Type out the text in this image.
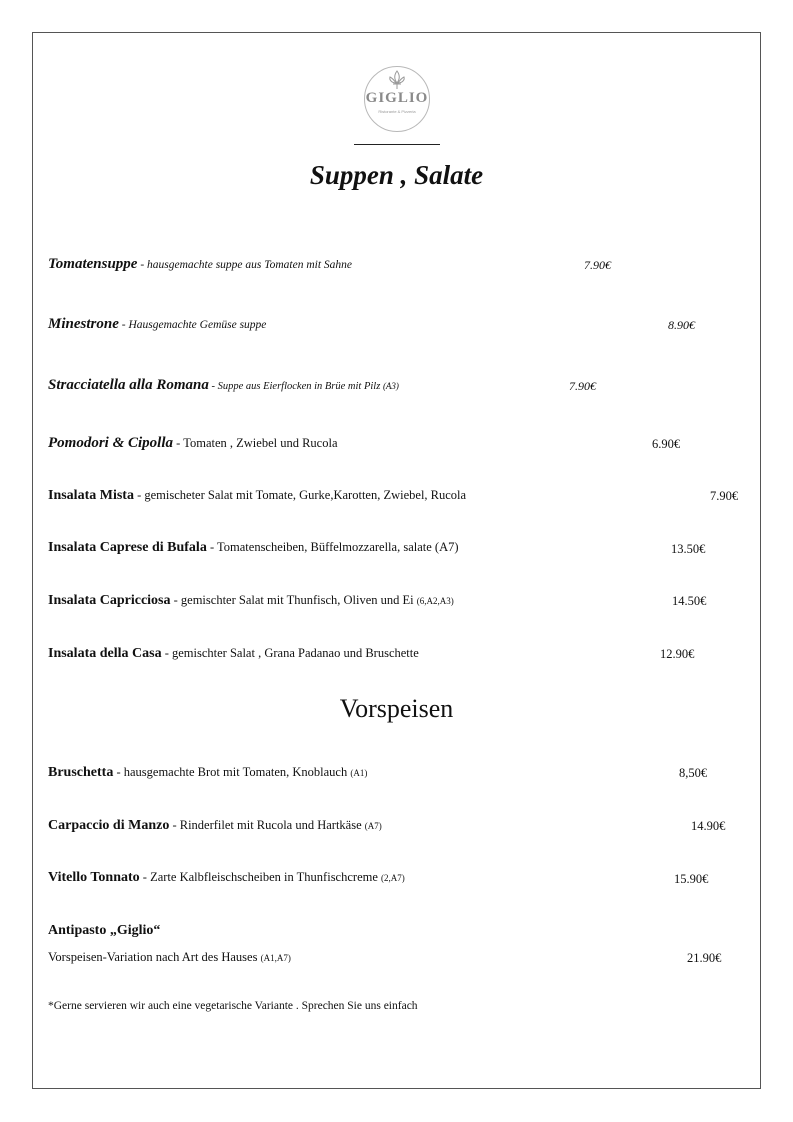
GIGLIO
Ristorante & Pizzeria
Suppen , Salate
Tomatensuppe - hausgemachte suppe aus Tomaten mit Sahne	7.90€
Minestrone - Hausgemachte Gemüse suppe	8.90€
Stracciatella alla Romana - Suppe aus Eierflocken in Brüe mit Pilz (A3)	7.90€
Pomodori & Cipolla - Tomaten , Zwiebel und Rucola	6.90€
Insalata Mista - gemischeter Salat mit Tomate, Gurke,Karotten, Zwiebel, Rucola	7.90€
Insalata Caprese di Bufala - Tomatenscheiben, Büffelmozzarella, salate (A7)	13.50€
Insalata Capricciosa - gemischter Salat mit Thunfisch, Oliven und Ei (6,A2,A3)	14.50€
Insalata della Casa - gemischter Salat , Grana Padanao und Bruschette	12.90€
Vorspeisen
Bruschetta - hausgemachte Brot mit Tomaten, Knoblauch (A1)	8,50€
Carpaccio di Manzo - Rinderfilet mit Rucola und Hartkäse (A7)	14.90€
Vitello Tonnato - Zarte Kalbfleischscheiben in Thunfischcreme (2,A7)	15.90€
Antipasto „Giglio“
Vorspeisen-Variation nach Art des Hauses (A1,A7)	21.90€
*Gerne servieren wir auch eine vegetarische Variante . Sprechen Sie uns einfach
